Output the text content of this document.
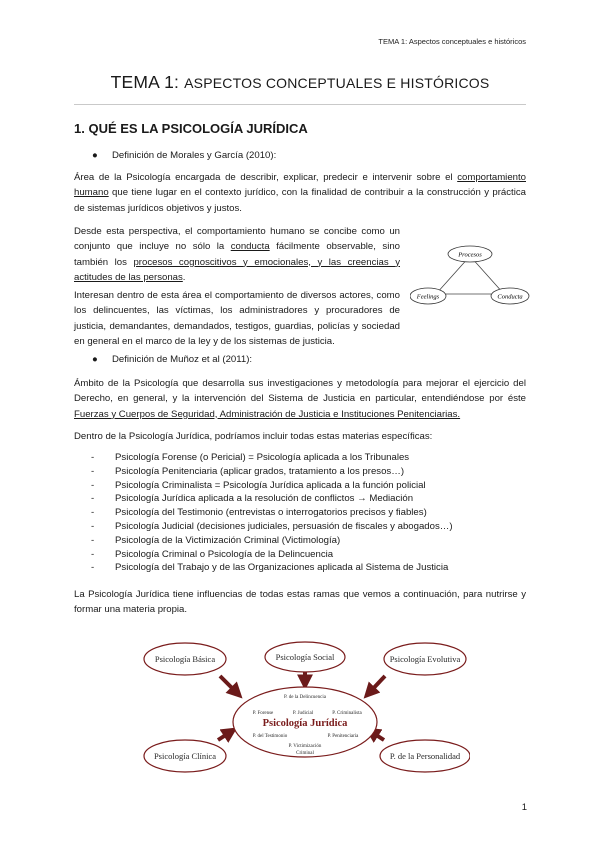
TEMA 1: Aspectos conceptuales e históricos
TEMA 1: ASPECTOS CONCEPTUALES E HISTÓRICOS
1. QUÉ ES LA PSICOLOGÍA JURÍDICA
● Definición de Morales y García (2010):
Área de la Psicología encargada de describir, explicar, predecir e intervenir sobre el comportamiento humano que tiene lugar en el contexto jurídico, con la finalidad de contribuir a la construcción y práctica de sistemas jurídicos objetivos y justos.
Desde esta perspectiva, el comportamiento humano se concibe como un conjunto que incluye no sólo la conducta fácilmente observable, sino también los procesos cognoscitivos y emocionales, y las creencias y actitudes de las personas.
Procesos
Feelings	Conducta
Interesan dentro de esta área el comportamiento de diversos actores, como los delincuentes, las víctimas, los administradores y procuradores de justicia, demandantes, demandados, testigos, guardias, policías y sociedad en general en el marco de la ley y de los sistemas de justicia.
● Definición de Muñoz et al (2011):
Ámbito de la Psicología que desarrolla sus investigaciones y metodología para mejorar el ejercicio del Derecho, en general, y la intervención del Sistema de Justicia en particular, entendiéndose por éste Fuerzas y Cuerpos de Seguridad, Administración de Justicia e Instituciones Penitenciarias.
Dentro de la Psicología Jurídica, podríamos incluir todas estas materias específicas:
- Psicología Forense (o Pericial) = Psicología aplicada a los Tribunales
- Psicología Penitenciaria (aplicar grados, tratamiento a los presos…)
- Psicología Criminalista = Psicología Jurídica aplicada a la función policial
- Psicología Jurídica aplicada a la resolución de conflictos → Mediación
- Psicología del Testimonio (entrevistas o interrogatorios precisos y fiables)
- Psicología Judicial (decisiones judiciales, persuasión de fiscales y abogados…)
- Psicología de la Victimización Criminal (Victimología)
- Psicología Criminal o Psicología de la Delincuencia
- Psicología del Trabajo y de las Organizaciones aplicada al Sistema de Justicia
La Psicología Jurídica tiene influencias de todas estas ramas que vemos a continuación, para nutrirse y formar una materia propia.
Psicología Básica	Psicología Social	Psicología Evolutiva
Psicología Clínica	P. de la Personalidad
P. de la Delincuencia
P. Forense	P. Judicial	P. Criminalista
Psicología Jurídica
P. del Testimonio	P. Penitenciaria
P. Victimización
Criminal
1
